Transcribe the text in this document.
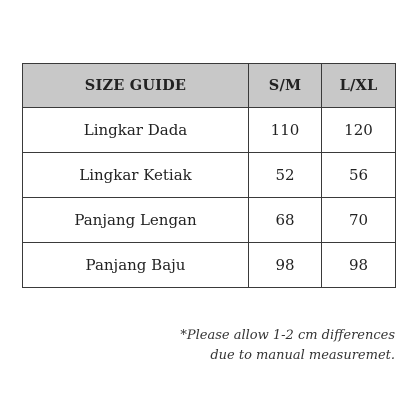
SIZE GUIDE	S/M	L/XL
Lingkar Dada	110	120
Lingkar Ketiak	52	56
Panjang Lengan	68	70
Panjang Baju	98	98
*Please allow 1-2 cm differences
due to manual measuremet.
